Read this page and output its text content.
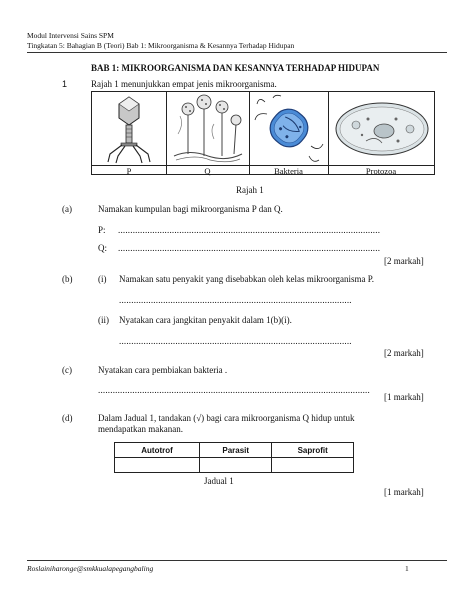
Modul Intervensi Sains SPM
Tingkatan 5: Bahagian B (Teori) Bab 1: Mikroorganisma & Kesannya Terhadap Hidupan
BAB 1: MIKROORGANISMA DAN KESANNYA TERHADAP HIDUPAN
1	Rajah 1 menunjukkan empat jenis mikroorganisma.
P	Q	Bakteria	Protozoa
Rajah 1
(a)	Namakan kumpulan bagi mikroorganisma P dan Q.
P: ...........................................................................................................
Q: ...........................................................................................................
[2 markah]
(b)	(i) Namakan satu penyakit yang disebabkan oleh kelas mikroorganisma P.
...............................................................................................
(ii) Nyatakan cara jangkitan penyakit dalam 1(b)(i).
...............................................................................................
[2 markah]
(c)	Nyatakan cara pembiakan bakteria .
...............................................................................................................
[1 markah]
(d)	Dalam Jadual 1, tandakan (√) bagi cara mikroorganisma Q hidup untuk
mendapatkan makanan.
Autotrof	Parasit	Saprofit

Jadual 1
[1 markah]
Roslainiharonge@smkkualapegangbaling	1
